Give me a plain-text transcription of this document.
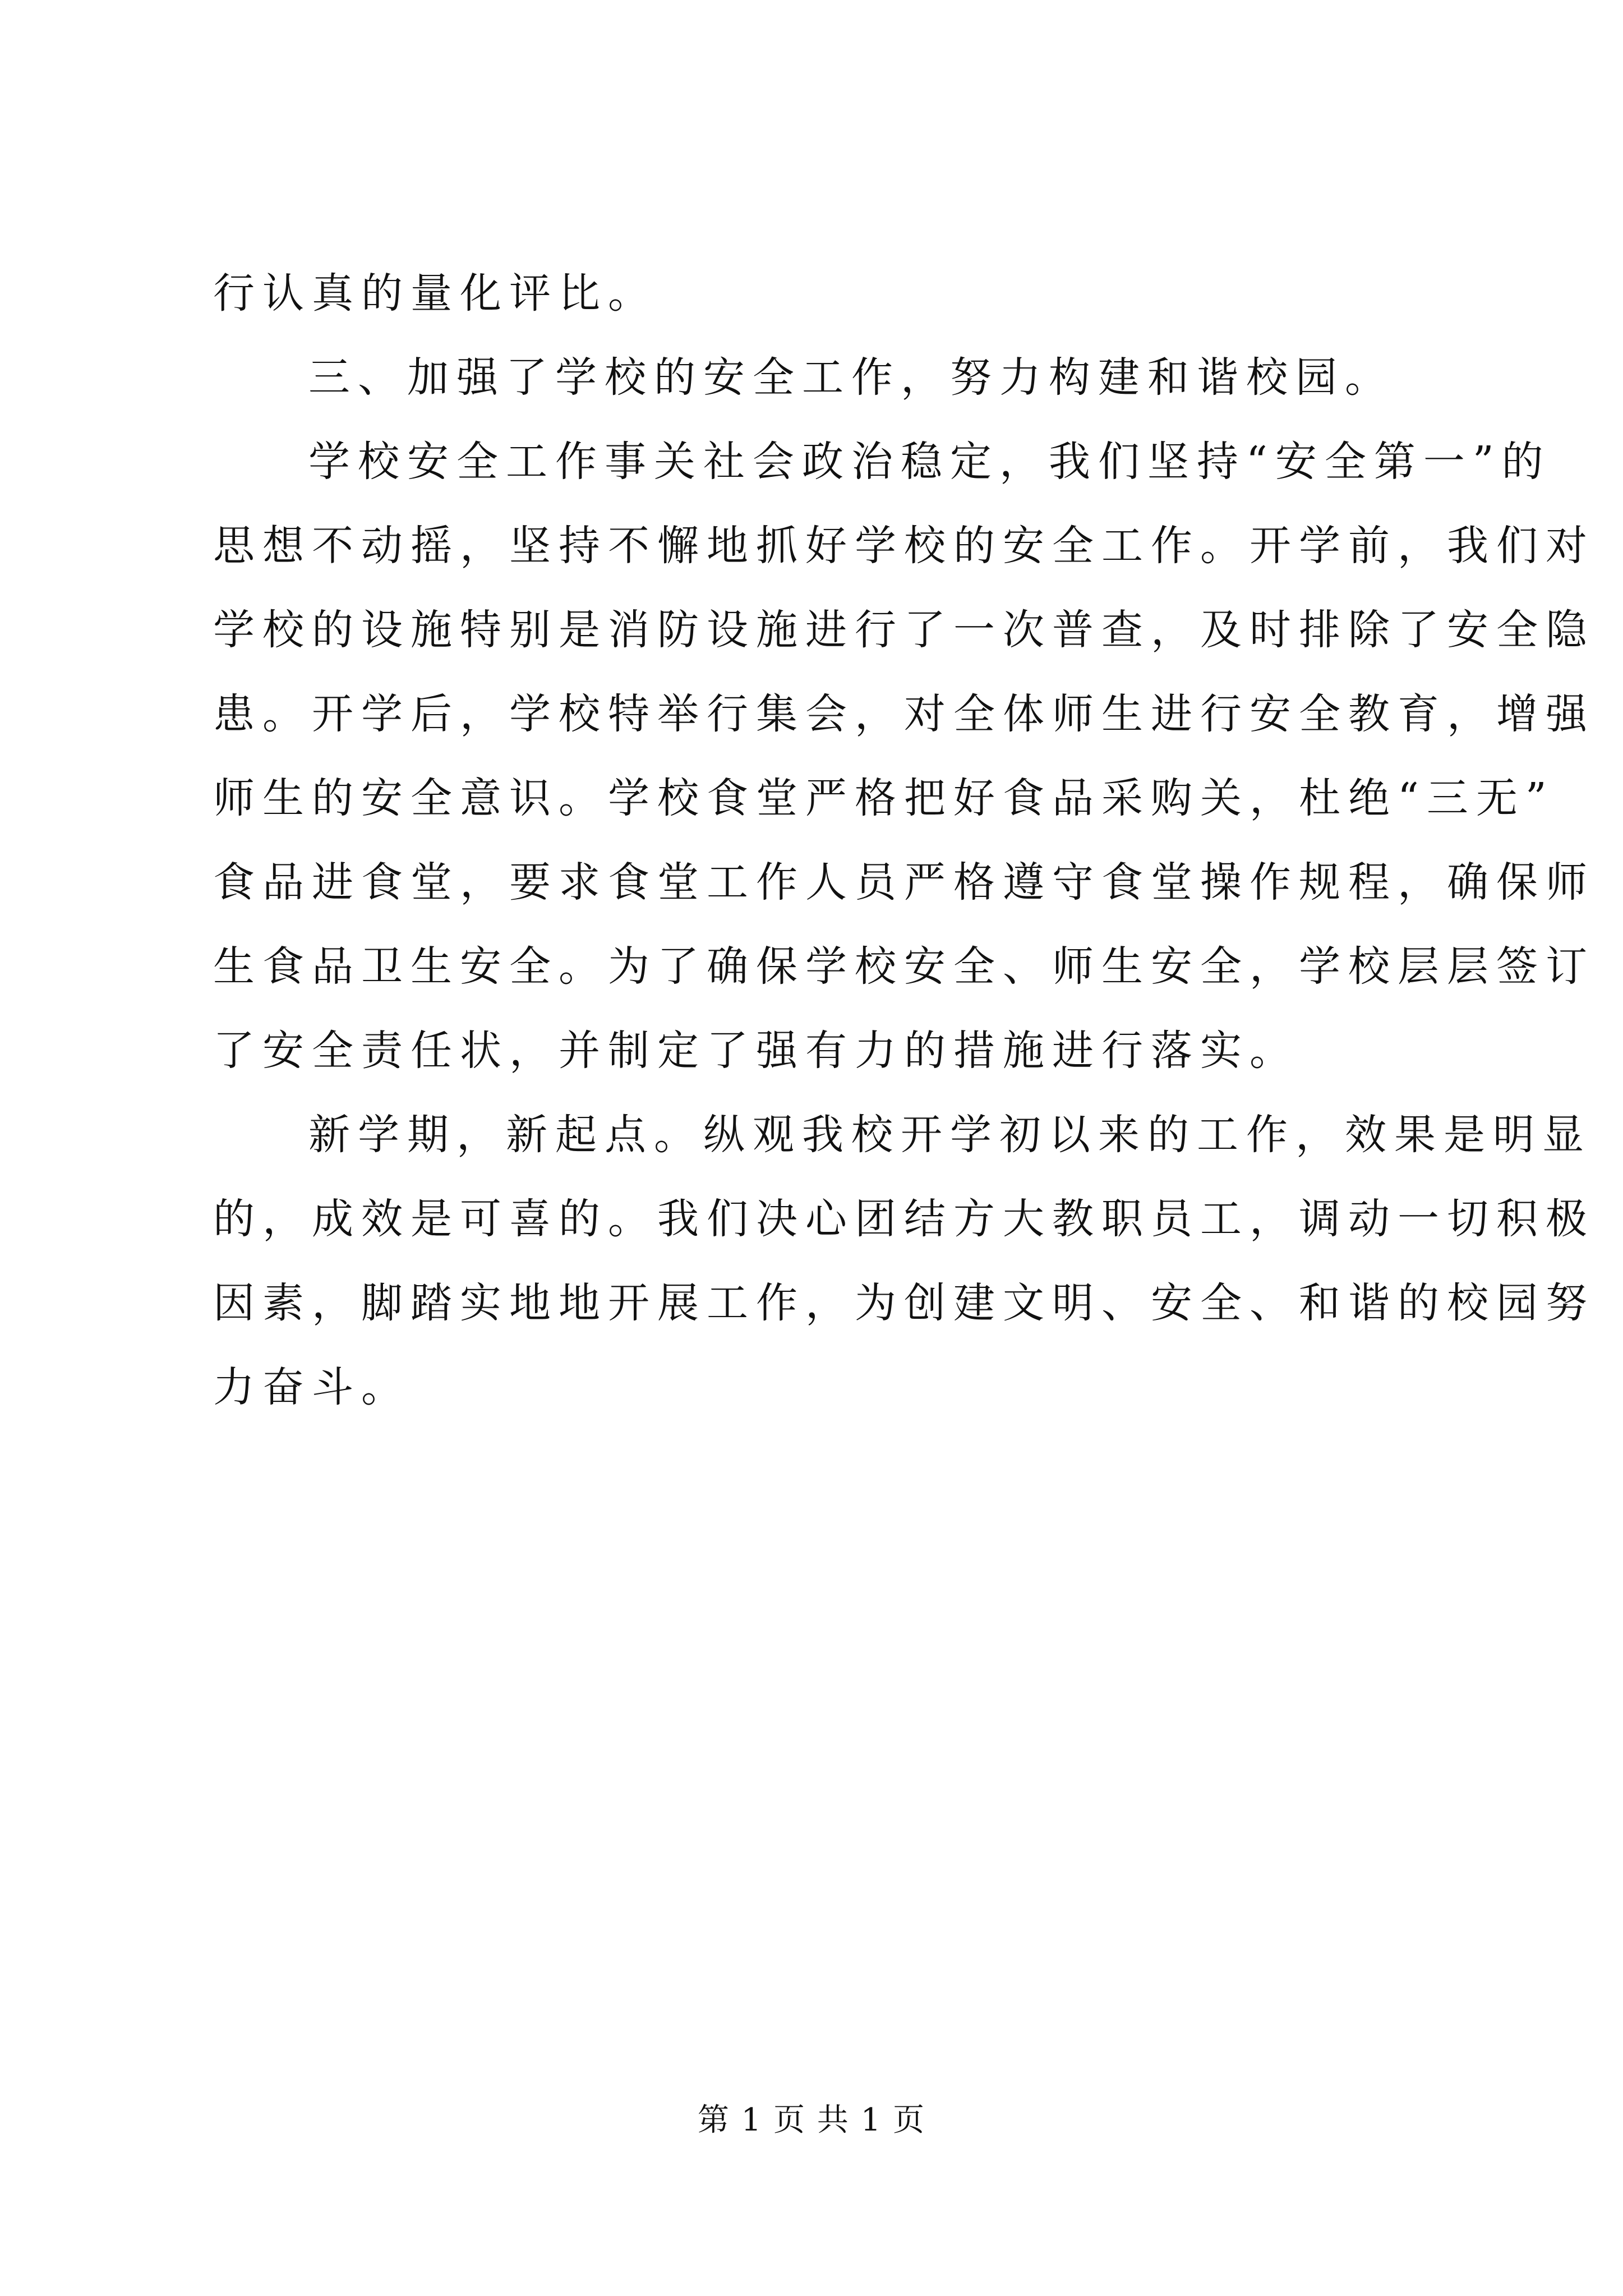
行认真的量化评比。
三、加强了学校的安全工作，努力构建和谐校园。
学校安全工作事关社会政治稳定，我们坚持“安全第一”的
思想不动摇，坚持不懈地抓好学校的安全工作。开学前，我们对
学校的设施特别是消防设施进行了一次普查，及时排除了安全隐
患。开学后，学校特举行集会，对全体师生进行安全教育，增强
师生的安全意识。学校食堂严格把好食品采购关，杜绝“三无”
食品进食堂，要求食堂工作人员严格遵守食堂操作规程，确保师
生食品卫生安全。为了确保学校安全、师生安全，学校层层签订
了安全责任状，并制定了强有力的措施进行落实。
新学期，新起点。纵观我校开学初以来的工作，效果是明显
的，成效是可喜的。我们决心团结方大教职员工，调动一切积极
因素，脚踏实地地开展工作，为创建文明、安全、和谐的校园努
力奋斗。
第 1 页 共 1 页
